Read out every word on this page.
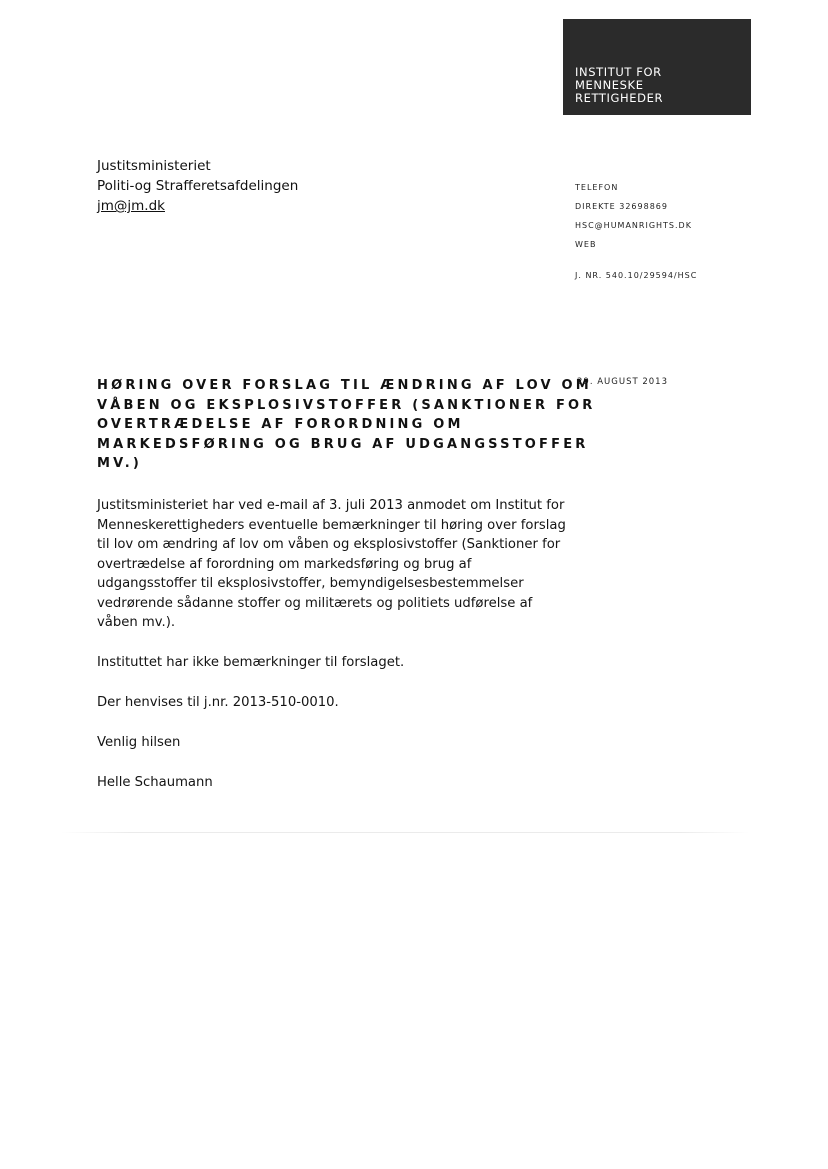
INSTITUT FOR
MENNESKE
RETTIGHEDER
Justitsministeriet
Politi-og Strafferetsafdelingen
jm@jm.dk
TELEFON
DIREKTE 32698869
HSC@HUMANRIGHTS.DK
WEB
J. NR. 540.10/29594/HSC
29. AUGUST 2013
HØRING OVER FORSLAG TIL ÆNDRING AF LOV OM
VÅBEN OG EKSPLOSIVSTOFFER (SANKTIONER FOR
OVERTRÆDELSE AF FORORDNING OM
MARKEDSFØRING OG BRUG AF UDGANGSSTOFFER
MV.)

Justitsministeriet har ved e-mail af 3. juli 2013 anmodet om Institut for
Menneskerettigheders eventuelle bemærkninger til høring over forslag
til lov om ændring af lov om våben og eksplosivstoffer (Sanktioner for
overtrædelse af forordning om markedsføring og brug af
udgangsstoffer til eksplosivstoffer, bemyndigelsesbestemmelser
vedrørende sådanne stoffer og militærets og politiets udførelse af
våben mv.).

Instituttet har ikke bemærkninger til forslaget.

Der henvises til j.nr. 2013-510-0010.

Venlig hilsen

Helle Schaumann
